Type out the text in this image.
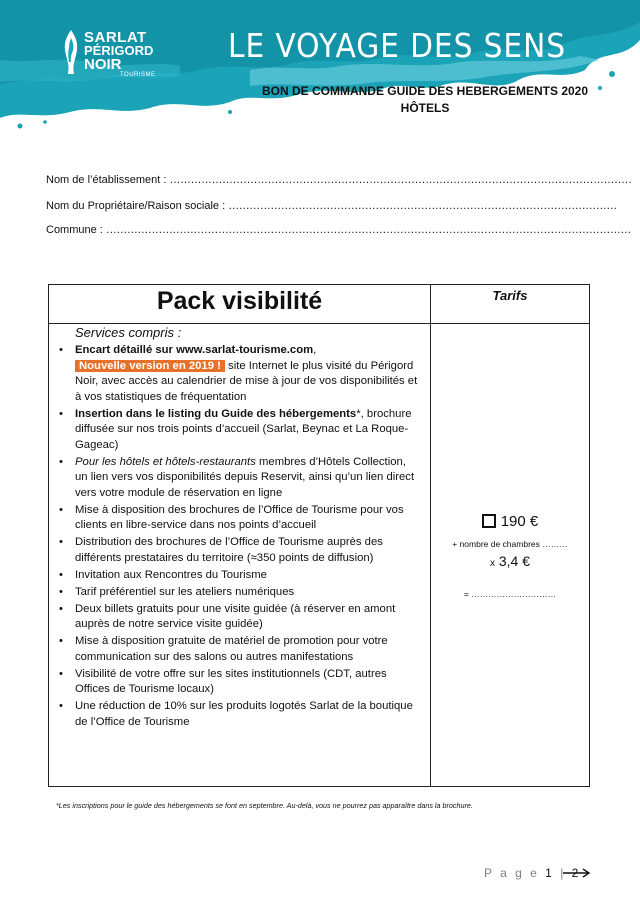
SARLAT
PÉRIGORD
NOIR
TOURISME
LE VOYAGE DES SENS
BON DE COMMANDE GUIDE DES HEBERGEMENTS 2020
HÔTELS
Nom de l’établissement : ……………………………………………………………………………………………………………………
Nom du Propriétaire/Raison sociale : …………………………………………………………………………………………………
Commune : ……………………………………………………………………………………………………………………………………
Pack visibilité	Tarifs
Services compris :
• Encart détaillé sur www.sarlat-tourisme.com,
Nouvelle version en 2019 ! site Internet le plus visité du Périgord Noir, avec accès au calendrier de mise à jour de vos disponibilités et à vos statistiques de fréquentation
• Insertion dans le listing du Guide des hébergements*, brochure diffusée sur nos trois points d’accueil (Sarlat, Beynac et La Roque-Gageac)
• Pour les hôtels et hôtels-restaurants membres d’Hôtels Collection, un lien vers vos disponibilités depuis Reservit, ainsi qu’un lien direct vers votre module de réservation en ligne
• Mise à disposition des brochures de l’Office de Tourisme pour vos clients en libre-service dans nos points d’accueil
• Distribution des brochures de l’Office de Tourisme auprès des différents prestataires du territoire (≈350 points de diffusion)
• Invitation aux Rencontres du Tourisme
• Tarif préférentiel sur les ateliers numériques
• Deux billets gratuits pour une visite guidée (à réserver en amont auprès de notre service visite guidée)
• Mise à disposition gratuite de matériel de promotion pour votre communication sur des salons ou autres manifestations
• Visibilité de votre offre sur les sites institutionnels (CDT, autres Offices de Tourisme locaux)
• Une réduction de 10% sur les produits logotés Sarlat de la boutique de l’Office de Tourisme
190 €
+ nombre de chambres ………
x 3,4 €
= …………………………
*Les inscriptions pour le guide des hébergements se font en septembre. Au-delà, vous ne pourrez pas apparaître dans la brochure.
P a g e 1 | 2
